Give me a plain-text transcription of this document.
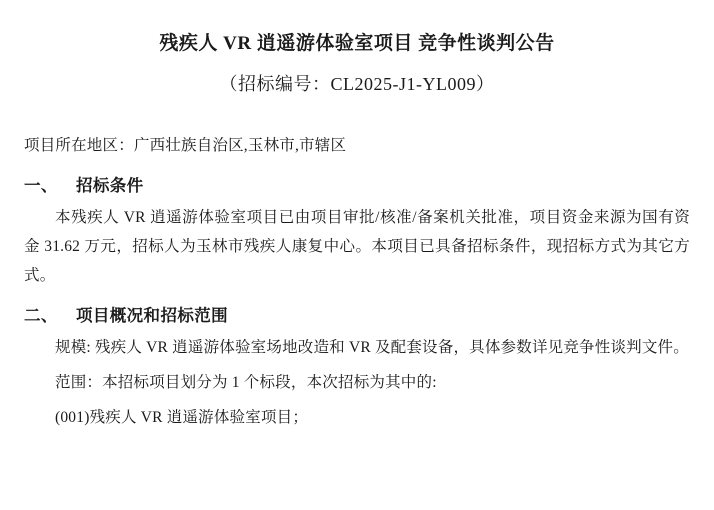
残疾人 VR 逍遥游体验室项目 竞争性谈判公告
（招标编号：CL2025-J1-YL009）

项目所在地区：广西壮族自治区,玉林市,市辖区

一、 招标条件

本残疾人 VR 逍遥游体验室项目已由项目审批/核准/备案机关批准，项目资金来源为国有资金 31.62 万元，招标人为玉林市残疾人康复中心。本项目已具备招标条件，现招标方式为其它方式。

二、 项目概况和招标范围

规模: 残疾人 VR 逍遥游体验室场地改造和 VR 及配套设备，具体参数详见竞争性谈判文件。

范围：本招标项目划分为 1 个标段，本次招标为其中的:

(001)残疾人 VR 逍遥游体验室项目；
